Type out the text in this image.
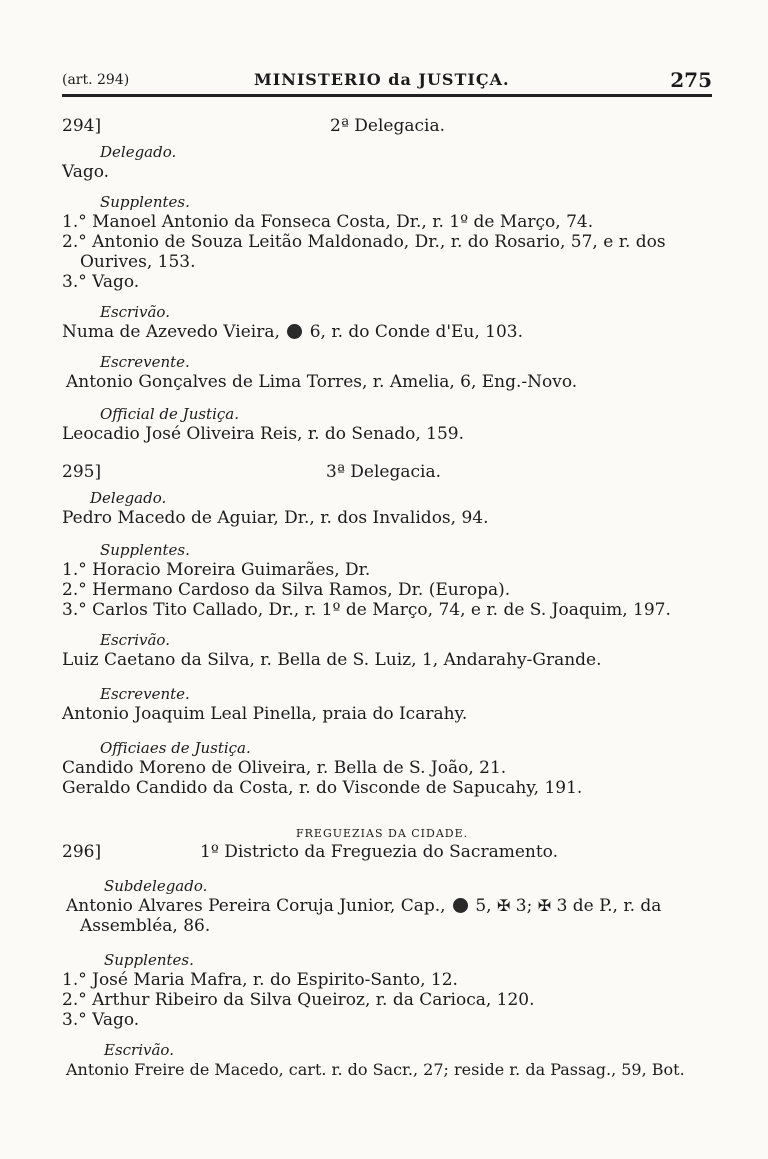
(art. 294)	MINISTERIO da JUSTIÇA.	275
294]	2ª Delegacia.
Delegado.
Vago.
Supplentes.
1.° Manoel Antonio da Fonseca Costa, Dr., r. 1º de Março, 74.
2.° Antonio de Souza Leitão Maldonado, Dr., r. do Rosario, 57, e r. dos
Ourives, 153.
3.° Vago.
Escrivão.
Numa de Azevedo Vieira, 6, r. do Conde d'Eu, 103.
Escrevente.
Antonio Gonçalves de Lima Torres, r. Amelia, 6, Eng.-Novo.
Official de Justiça.
Leocadio José Oliveira Reis, r. do Senado, 159.
295]	3ª Delegacia.
Delegado.
Pedro Macedo de Aguiar, Dr., r. dos Invalidos, 94.
Supplentes.
1.° Horacio Moreira Guimarães, Dr.
2.° Hermano Cardoso da Silva Ramos, Dr. (Europa).
3.° Carlos Tito Callado, Dr., r. 1º de Março, 74, e r. de S. Joaquim, 197.
Escrivão.
Luiz Caetano da Silva, r. Bella de S. Luiz, 1, Andarahy-Grande.
Escrevente.
Antonio Joaquim Leal Pinella, praia do Icarahy.
Officiaes de Justiça.
Candido Moreno de Oliveira, r. Bella de S. João, 21.
Geraldo Candido da Costa, r. do Visconde de Sapucahy, 191.
FREGUEZIAS DA CIDADE.
296]	1º Districto da Freguezia do Sacramento.
Subdelegado.
Antonio Alvares Pereira Coruja Junior, Cap., 5, ✠ 3; ✠ 3 de P., r. da
Assembléa, 86.
Supplentes.
1.° José Maria Mafra, r. do Espirito-Santo, 12.
2.° Arthur Ribeiro da Silva Queiroz, r. da Carioca, 120.
3.° Vago.
Escrivão.
Antonio Freire de Macedo, cart. r. do Sacr., 27; reside r. da Passag., 59, Bot.
